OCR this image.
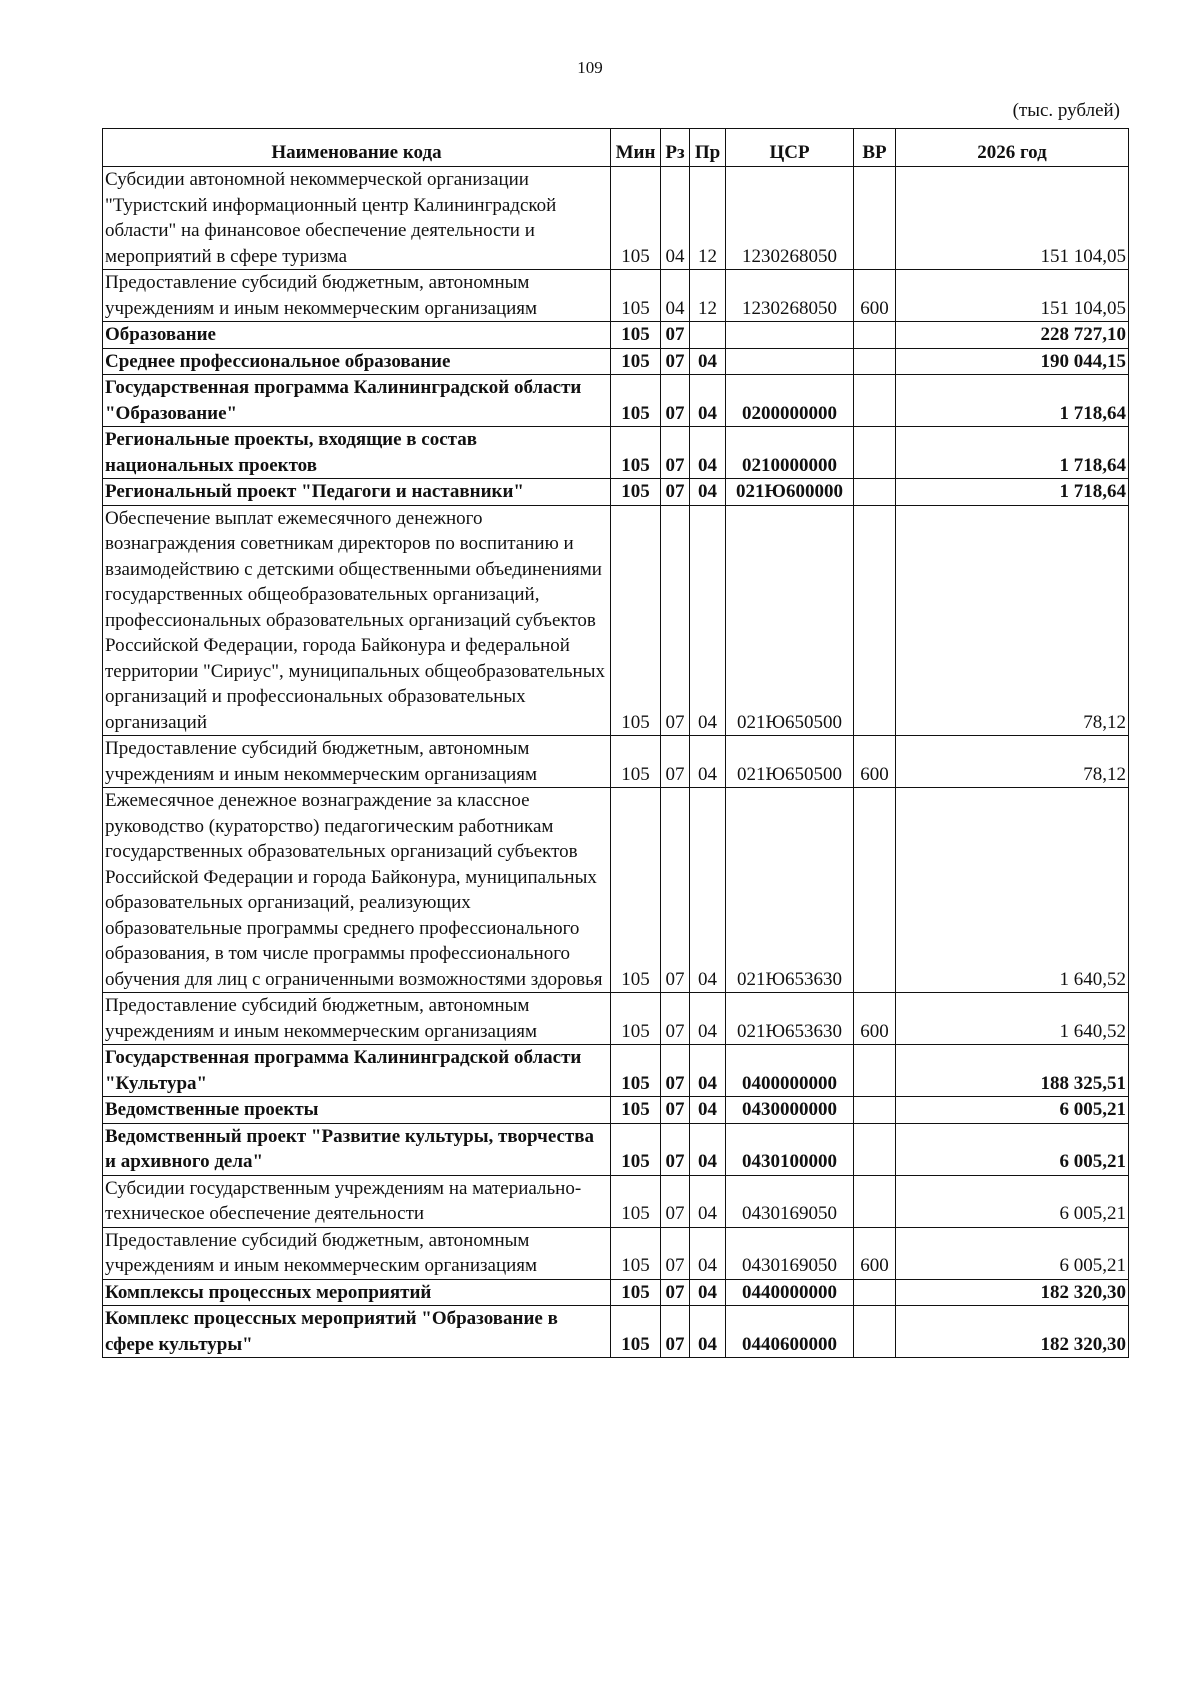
109
(тыс. рублей)
Наименование кода	Мин	Рз	Пр	ЦСР	ВР	2026 год
Субсидии автономной некоммерческой организации "Туристский информационный центр Калининградской области" на финансовое обеспечение деятельности и мероприятий в сфере туризма	105	04	12	1230268050		151 104,05
Предоставление субсидий бюджетным, автономным учреждениям и иным некоммерческим организациям	105	04	12	1230268050	600	151 104,05
Образование	105	07				228 727,10
Среднее профессиональное образование	105	07	04			190 044,15
Государственная программа Калининградской области "Образование"	105	07	04	0200000000		1 718,64
Региональные проекты, входящие в состав национальных проектов	105	07	04	0210000000		1 718,64
Региональный проект "Педагоги и наставники"	105	07	04	021Ю600000		1 718,64
Обеспечение выплат ежемесячного денежного вознаграждения советникам директоров по воспитанию и взаимодействию с детскими общественными объединениями государственных общеобразовательных организаций, профессиональных образовательных организаций субъектов Российской Федерации, города Байконура и федеральной территории "Сириус", муниципальных общеобразовательных организаций и профессиональных образовательных организаций	105	07	04	021Ю650500		78,12
Предоставление субсидий бюджетным, автономным учреждениям и иным некоммерческим организациям	105	07	04	021Ю650500	600	78,12
Ежемесячное денежное вознаграждение за классное руководство (кураторство) педагогическим работникам государственных образовательных организаций субъектов Российской Федерации и города Байконура, муниципальных образовательных организаций, реализующих образовательные программы среднего профессионального образования, в том числе программы профессионального обучения для лиц с ограниченными возможностями здоровья	105	07	04	021Ю653630		1 640,52
Предоставление субсидий бюджетным, автономным учреждениям и иным некоммерческим организациям	105	07	04	021Ю653630	600	1 640,52
Государственная программа Калининградской области "Культура"	105	07	04	0400000000		188 325,51
Ведомственные проекты	105	07	04	0430000000		6 005,21
Ведомственный проект "Развитие культуры, творчества и архивного дела"	105	07	04	0430100000		6 005,21
Субсидии государственным учреждениям на материально-техническое обеспечение деятельности	105	07	04	0430169050		6 005,21
Предоставление субсидий бюджетным, автономным учреждениям и иным некоммерческим организациям	105	07	04	0430169050	600	6 005,21
Комплексы процессных мероприятий	105	07	04	0440000000		182 320,30
Комплекс процессных мероприятий "Образование в сфере культуры"	105	07	04	0440600000		182 320,30
